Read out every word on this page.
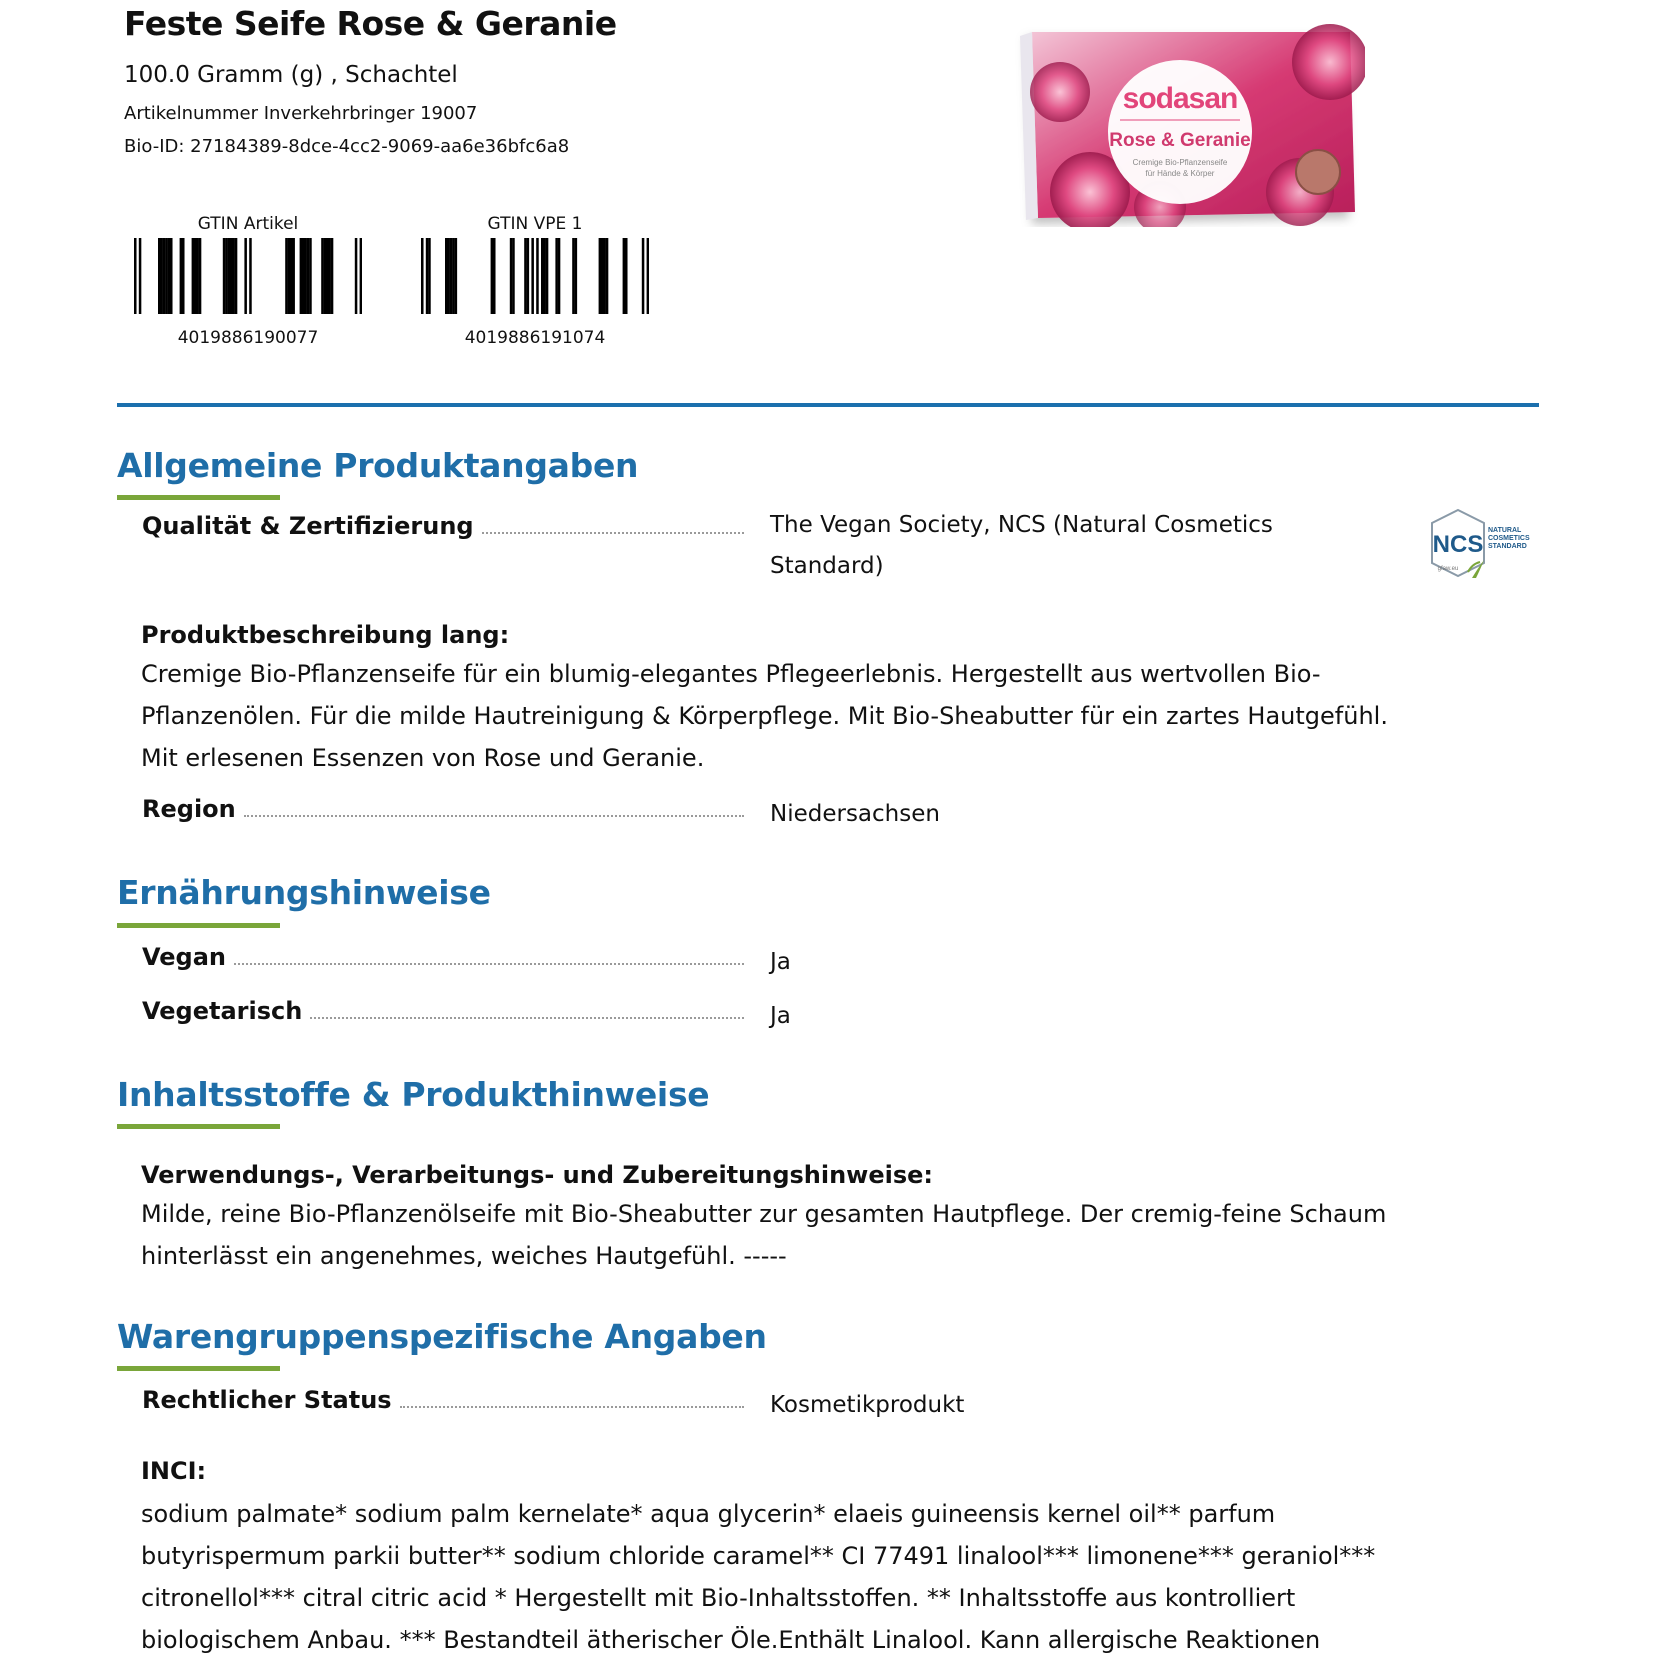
Feste Seife Rose & Geranie
100.0 Gramm (g) , Schachtel
Artikelnummer Inverkehrbringer 19007
Bio-ID: 27184389-8dce-4cc2-9069-aa6e36bfc6a8
GTIN Artikel
4019886190077
GTIN VPE 1
4019886191074
sodasan
Rose & Geranie
Cremige Bio-Pflanzenseife
für Hände & Körper
Allgemeine Produktangaben
Qualität & Zertifizierung	The Vegan Society, NCS (Natural Cosmetics
Standard)
NCS
gfaw.eu
NATURAL
COSMETICS
STANDARD
Produktbeschreibung lang:
Cremige Bio-Pflanzenseife für ein blumig-elegantes Pflegeerlebnis. Hergestellt aus wertvollen Bio-Pflanzenölen. Für die milde Hautreinigung & Körperpflege. Mit Bio-Sheabutter für ein zartes Hautgefühl. Mit erlesenen Essenzen von Rose und Geranie.
Region	Niedersachsen
Ernährungshinweise
Vegan	Ja
Vegetarisch	Ja
Inhaltsstoffe & Produkthinweise
Verwendungs-, Verarbeitungs- und Zubereitungshinweise:
Milde, reine Bio-Pflanzenölseife mit Bio-Sheabutter zur gesamten Hautpflege. Der cremig-feine Schaum hinterlässt ein angenehmes, weiches Hautgefühl. -----
Warengruppenspezifische Angaben
Rechtlicher Status	Kosmetikprodukt
INCI:
sodium palmate* sodium palm kernelate* aqua glycerin* elaeis guineensis kernel oil** parfum butyrispermum parkii butter** sodium chloride caramel** CI 77491 linalool*** limonene*** geraniol*** citronellol*** citral citric acid * Hergestellt mit Bio-Inhaltsstoffen. ** Inhaltsstoffe aus kontrolliert biologischem Anbau. *** Bestandteil ätherischer Öle.Enthält Linalool. Kann allergische Reaktionen
